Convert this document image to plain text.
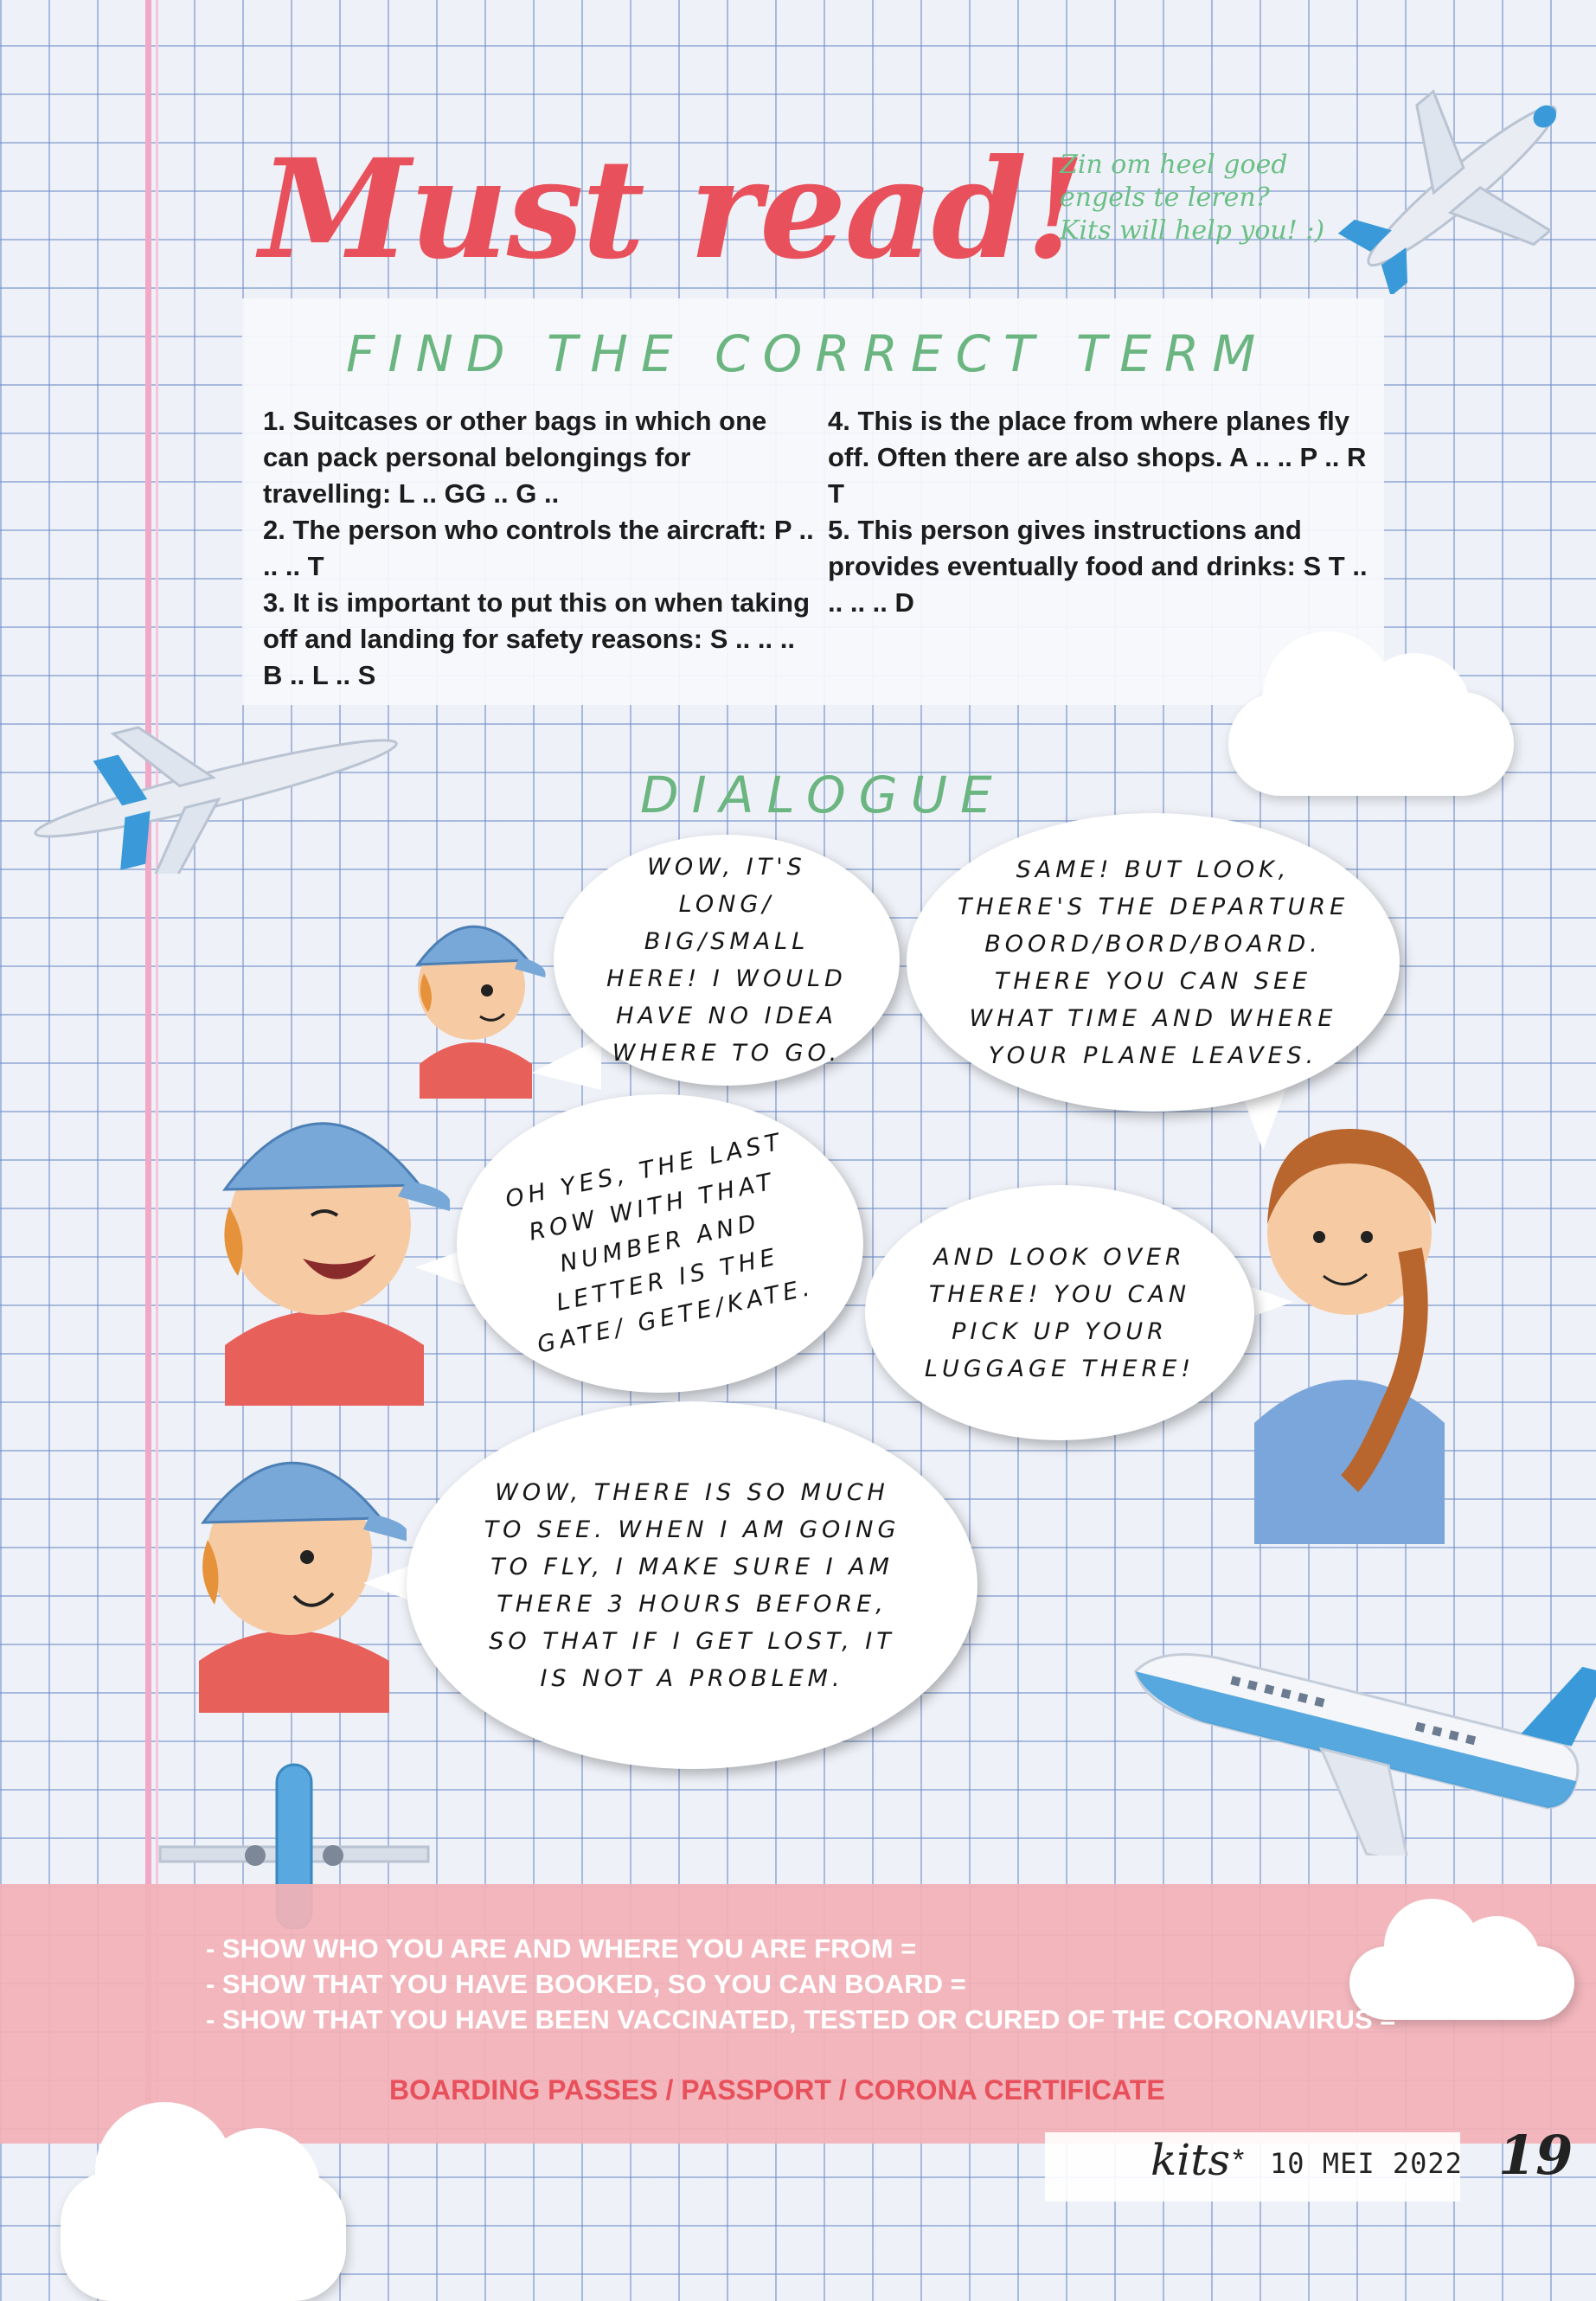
Must read!
Zin om heel goed
engels te leren?
Kits will help you! :)
FIND THE CORRECT TERM

1. Suitcases or other bags in which one can pack personal belongings for travelling: L .. GG .. G ..

2. The person who controls the aircraft: P .. .. .. T

3. It is important to put this on when taking off and landing for safety reasons: S .. .. .. B .. L .. S

4. This is the place from where planes fly off. Often there are also shops. A .. .. P .. R T

5. This person gives instructions and provides eventually food and drinks: S T .. .. .. .. D

DIALOGUE
WOW, IT'S LONG/ BIG/SMALL HERE! I WOULD HAVE NO IDEA WHERE TO GO.
SAME! BUT LOOK, THERE'S THE DEPARTURE BOORD/BORD/BOARD. THERE YOU CAN SEE WHAT TIME AND WHERE YOUR PLANE LEAVES.
OH YES, THE LAST ROW WITH THAT NUMBER AND LETTER IS THE GATE/ GETE/KATE.
AND LOOK OVER THERE! YOU CAN PICK UP YOUR LUGGAGE THERE!
WOW, THERE IS SO MUCH TO SEE. WHEN I AM GOING TO FLY, I MAKE SURE I AM THERE 3 HOURS BEFORE, SO THAT IF I GET LOST, IT IS NOT A PROBLEM.
- SHOW WHO YOU ARE AND WHERE YOU ARE FROM =
- SHOW THAT YOU HAVE BOOKED, SO YOU CAN BOARD =
- SHOW THAT YOU HAVE BEEN VACCINATED, TESTED OR CURED OF THE CORONAVIRUS =
BOARDING PASSES / PASSPORT / CORONA CERTIFICATE
kits * 10 MEI 2022 19
